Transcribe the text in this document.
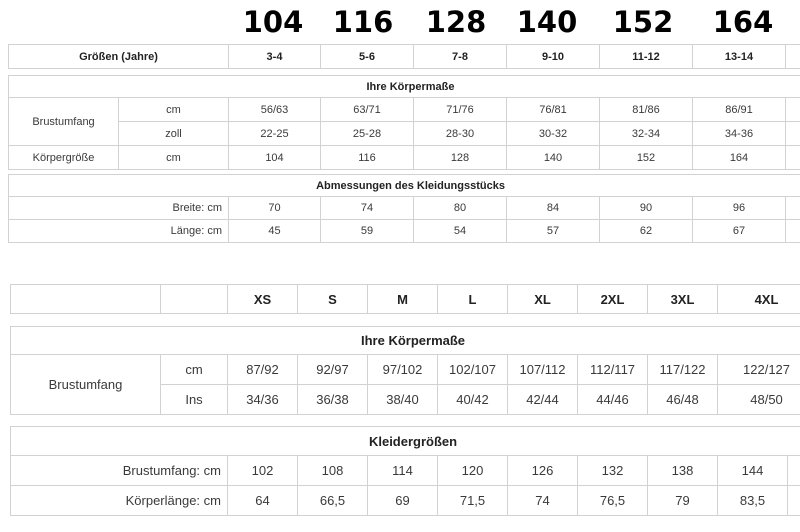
104	116	128	140	152	164
Größen (Jahre)	3-4	5-6	7-8	9-10	11-12	13-14	
Ihre Körpermaße								
Brustumfang	cm	56/63	63/71	71/76	76/81	81/86	86/91	
	zoll	22-25	25-28	28-30	30-32	32-34	34-36	
Körpergröße	cm	104	116	128	140	152	164	
Abmessungen des Kleidungsstücks							
Breite: cm	70	74	80	84	90	96	
Länge: cm	45	59	54	57	62	67	
		XS	S	M	L	XL	2XL	3XL	4XL
Ihre Körpermaße									
Brustumfang	cm	87/92	92/97	97/102	102/107	107/112	112/117	117/122	122/127
	Ins	34/36	36/38	38/40	40/42	42/44	44/46	46/48	48/50
Kleidergrößen									
Brustumfang: cm	102	108	114	120	126	132	138	144	
Körperlänge: cm	64	66,5	69	71,5	74	76,5	79	83,5	
